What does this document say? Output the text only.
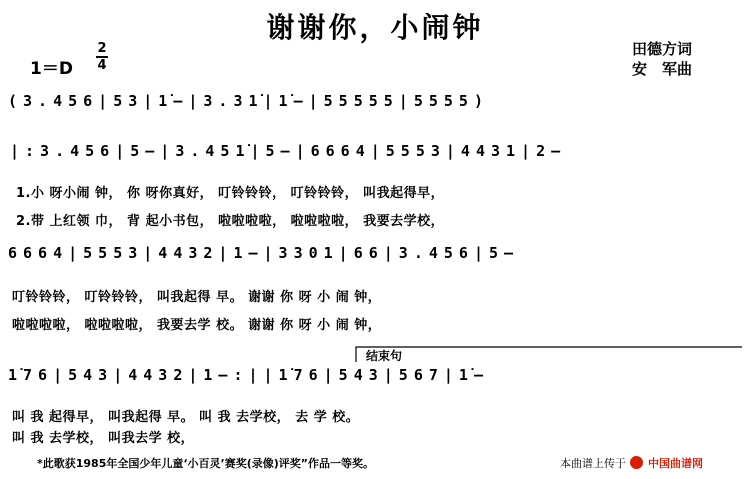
谢谢你，小闹钟
1＝D
2
4
田德方词
安　军曲
(3.456|53|1̇–|3.31̇|1̇–|55555|5555)
|:3.456|5–|3.451̇|5–|6664|5553|4431|2–
6664|5553|4432|1–|3301|66|3.456|5–
1̇76|543|4432|1–:||1̇76|543|567|1̇–
结束句
1.小 呀小闹 钟， 你 呀你真好， 叮铃铃铃， 叮铃铃铃， 叫我起得早，
2.带 上红领 巾， 背 起小书包， 啦啦啦啦， 啦啦啦啦， 我要去学校，
叮铃铃铃， 叮铃铃铃， 叫我起得 早。 谢谢 你 呀 小 闹 钟，
啦啦啦啦， 啦啦啦啦， 我要去学 校。 谢谢 你 呀 小 闹 钟，
叫 我 起得早， 叫我起得 早。 叫 我 去学校， 去 学 校。
叫 我 去学校， 叫我去学 校，
*此歌获1985年全国少年儿童‘小百灵’赛奖(录像)评奖”作品一等奖。	本曲谱上传于 中国曲谱网
